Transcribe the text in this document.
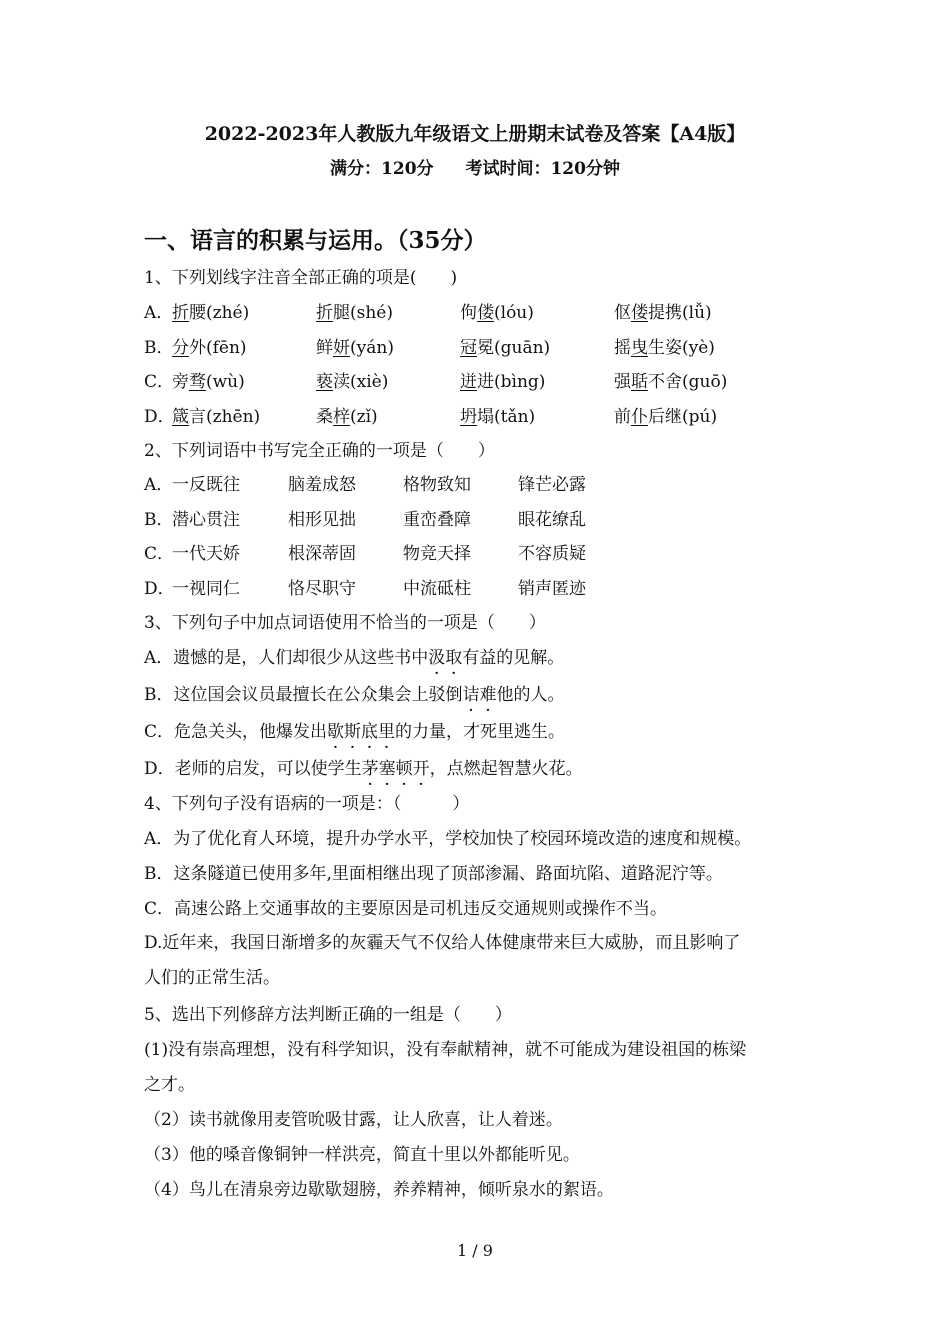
2022-2023年人教版九年级语文上册期末试卷及答案【A4版】
满分：120分 考试时间：120分钟
一、语言的积累与运用。（35分）
1、下列划线字注音全部正确的项是(　　)
A．
折腰(zhé)	折腿(shé)	佝偻(lóu)	伛偻提携(lǚ)
B．
分外(fēn)	鲜妍(yán)	冠冕(guān)	摇曳生姿(yè)
C．
旁骛(wù)	亵渎(xiè)	迸进(bìng)	强聒不舍(guō)
D．
箴言(zhēn)	桑梓(zǐ)	坍塌(tǎn)	前仆后继(pú)
2、下列词语中书写完全正确的一项是（　　）
A．
一反既往	脑羞成怒	格物致知	锋芒必露
B．
潜心贯注	相形见拙	重峦叠障	眼花缭乱
C．
一代天娇	根深蒂固	物竞天择	不容质疑
D．
一视同仁	恪尽职守	中流砥柱	销声匿迹
3、下列句子中加点词语使用不恰当的一项是（　　）
A．遗憾的是，人们却很少从这些书中汲取有益的见解。
B．这位国会议员最擅长在公众集会上驳倒诘难他的人。
C．危急关头，他爆发出歇斯底里的力量，才死里逃生。
D．老师的启发，可以使学生茅塞顿开，点燃起智慧火花。
4、下列句子没有语病的一项是：（　　　）
A．为了优化育人环境，提升办学水平，学校加快了校园环境改造的速度和规模。
B．这条隧道已使用多年,里面相继出现了顶部渗漏、路面坑陷、道路泥泞等。
C．高速公路上交通事故的主要原因是司机违反交通规则或操作不当。
D.近年来，我国日渐增多的灰霾天气不仅给人体健康带来巨大威胁，而且影响了
人们的正常生活。
5、选出下列修辞方法判断正确的一组是（　　）
(1)没有崇高理想，没有科学知识，没有奉献精神，就不可能成为建设祖国的栋梁
之才。
（2）读书就像用麦管吮吸甘露，让人欣喜，让人着迷。
（3）他的嗓音像铜钟一样洪亮，简直十里以外都能听见。
（4）鸟儿在清泉旁边歇歇翅膀，养养精神，倾听泉水的絮语。
1 / 9
